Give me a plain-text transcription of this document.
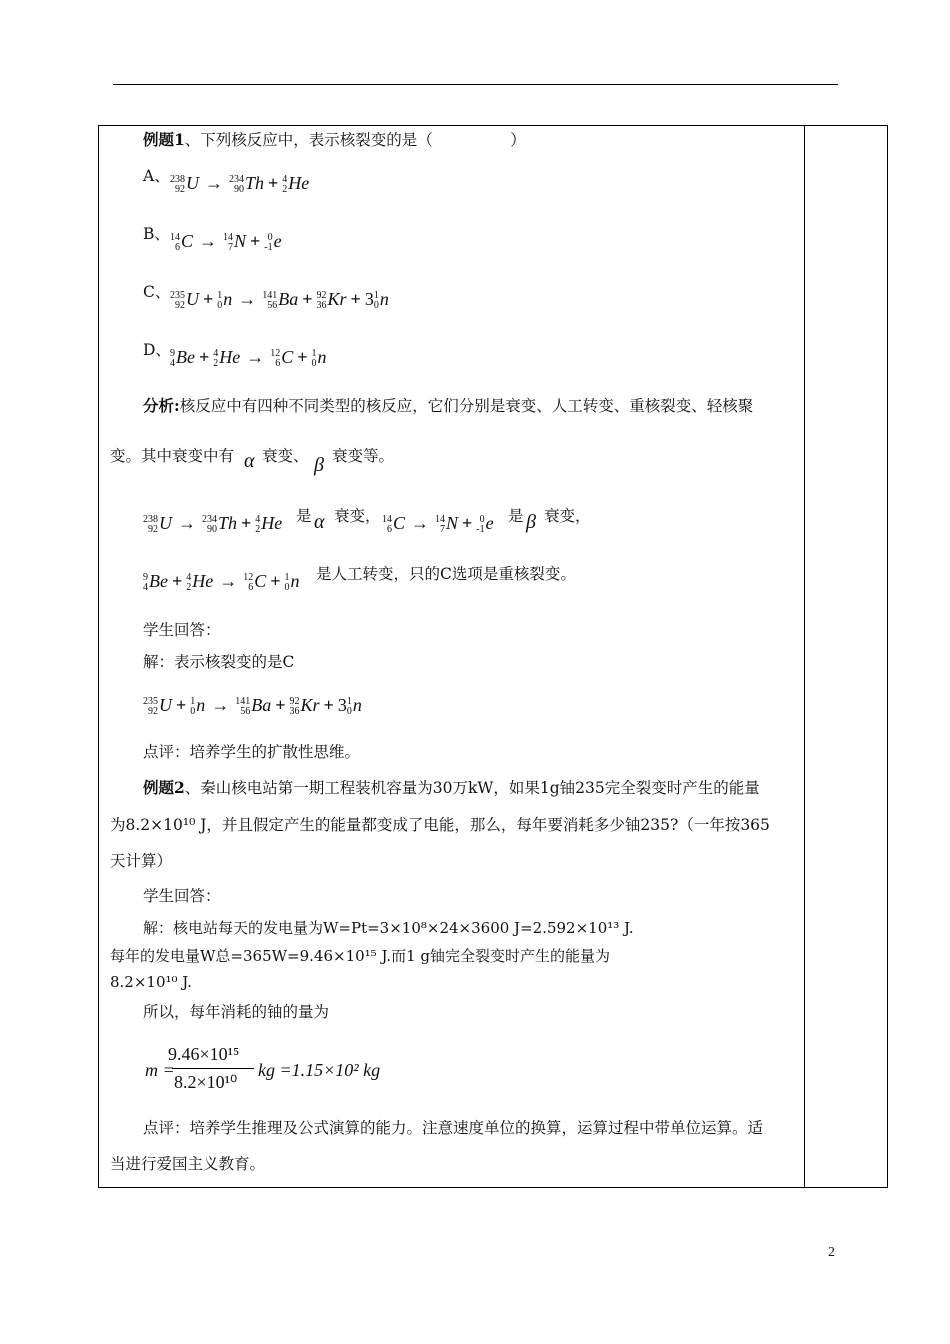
例题1、下列核反应中，表示核裂变的是（　　　　　）
A、 238
92 U → 234
90 Th + 4
2 He
B、 14
6 C → 14
7 N + 0
-1 e
C、 235
92 U + 1
0 n → 141
56 Ba + 92
36 Kr + 3 1
0 n
D、 9
4 Be + 4
2 He → 12
6 C + 1
0 n
分析:核反应中有四种不同类型的核反应，它们分别是衰变、人工转变、重核裂变、轻核聚
变。其中衰变中有 α 衰变、 β 衰变等。
238
92 U → 234
90 Th + 4
2 He 是 α 衰变， 14
6 C → 14
7 N + 0
-1 e 是 β 衰变，
9
4 Be + 4
2 He → 12
6 C + 1
0 n 是人工转变，只的C选项是重核裂变。
学生回答：
解：表示核裂变的是C
235
92 U + 1
0 n → 141
56 Ba + 92
36 Kr + 3 1
0 n
点评：培养学生的扩散性思维。
例题2、秦山核电站第一期工程装机容量为30万kW，如果1g铀235完全裂变时产生的能量
为8.2×10¹⁰ J，并且假定产生的能量都变成了电能，那么，每年要消耗多少铀235?（一年按365
天计算）
学生回答：
解：核电站每天的发电量为W=Pt=3×10⁸×24×3600 J=2.592×10¹³ J.
每年的发电量W总=365W=9.46×10¹⁵ J.而1 g铀完全裂变时产生的能量为
8.2×10¹⁰ J.
所以，每年消耗的铀的量为
m =
9.46×10¹⁵
8.2×10¹⁰
kg =1.15×10² kg
点评：培养学生推理及公式演算的能力。注意速度单位的换算，运算过程中带单位运算。适
当进行爱国主义教育。
2
